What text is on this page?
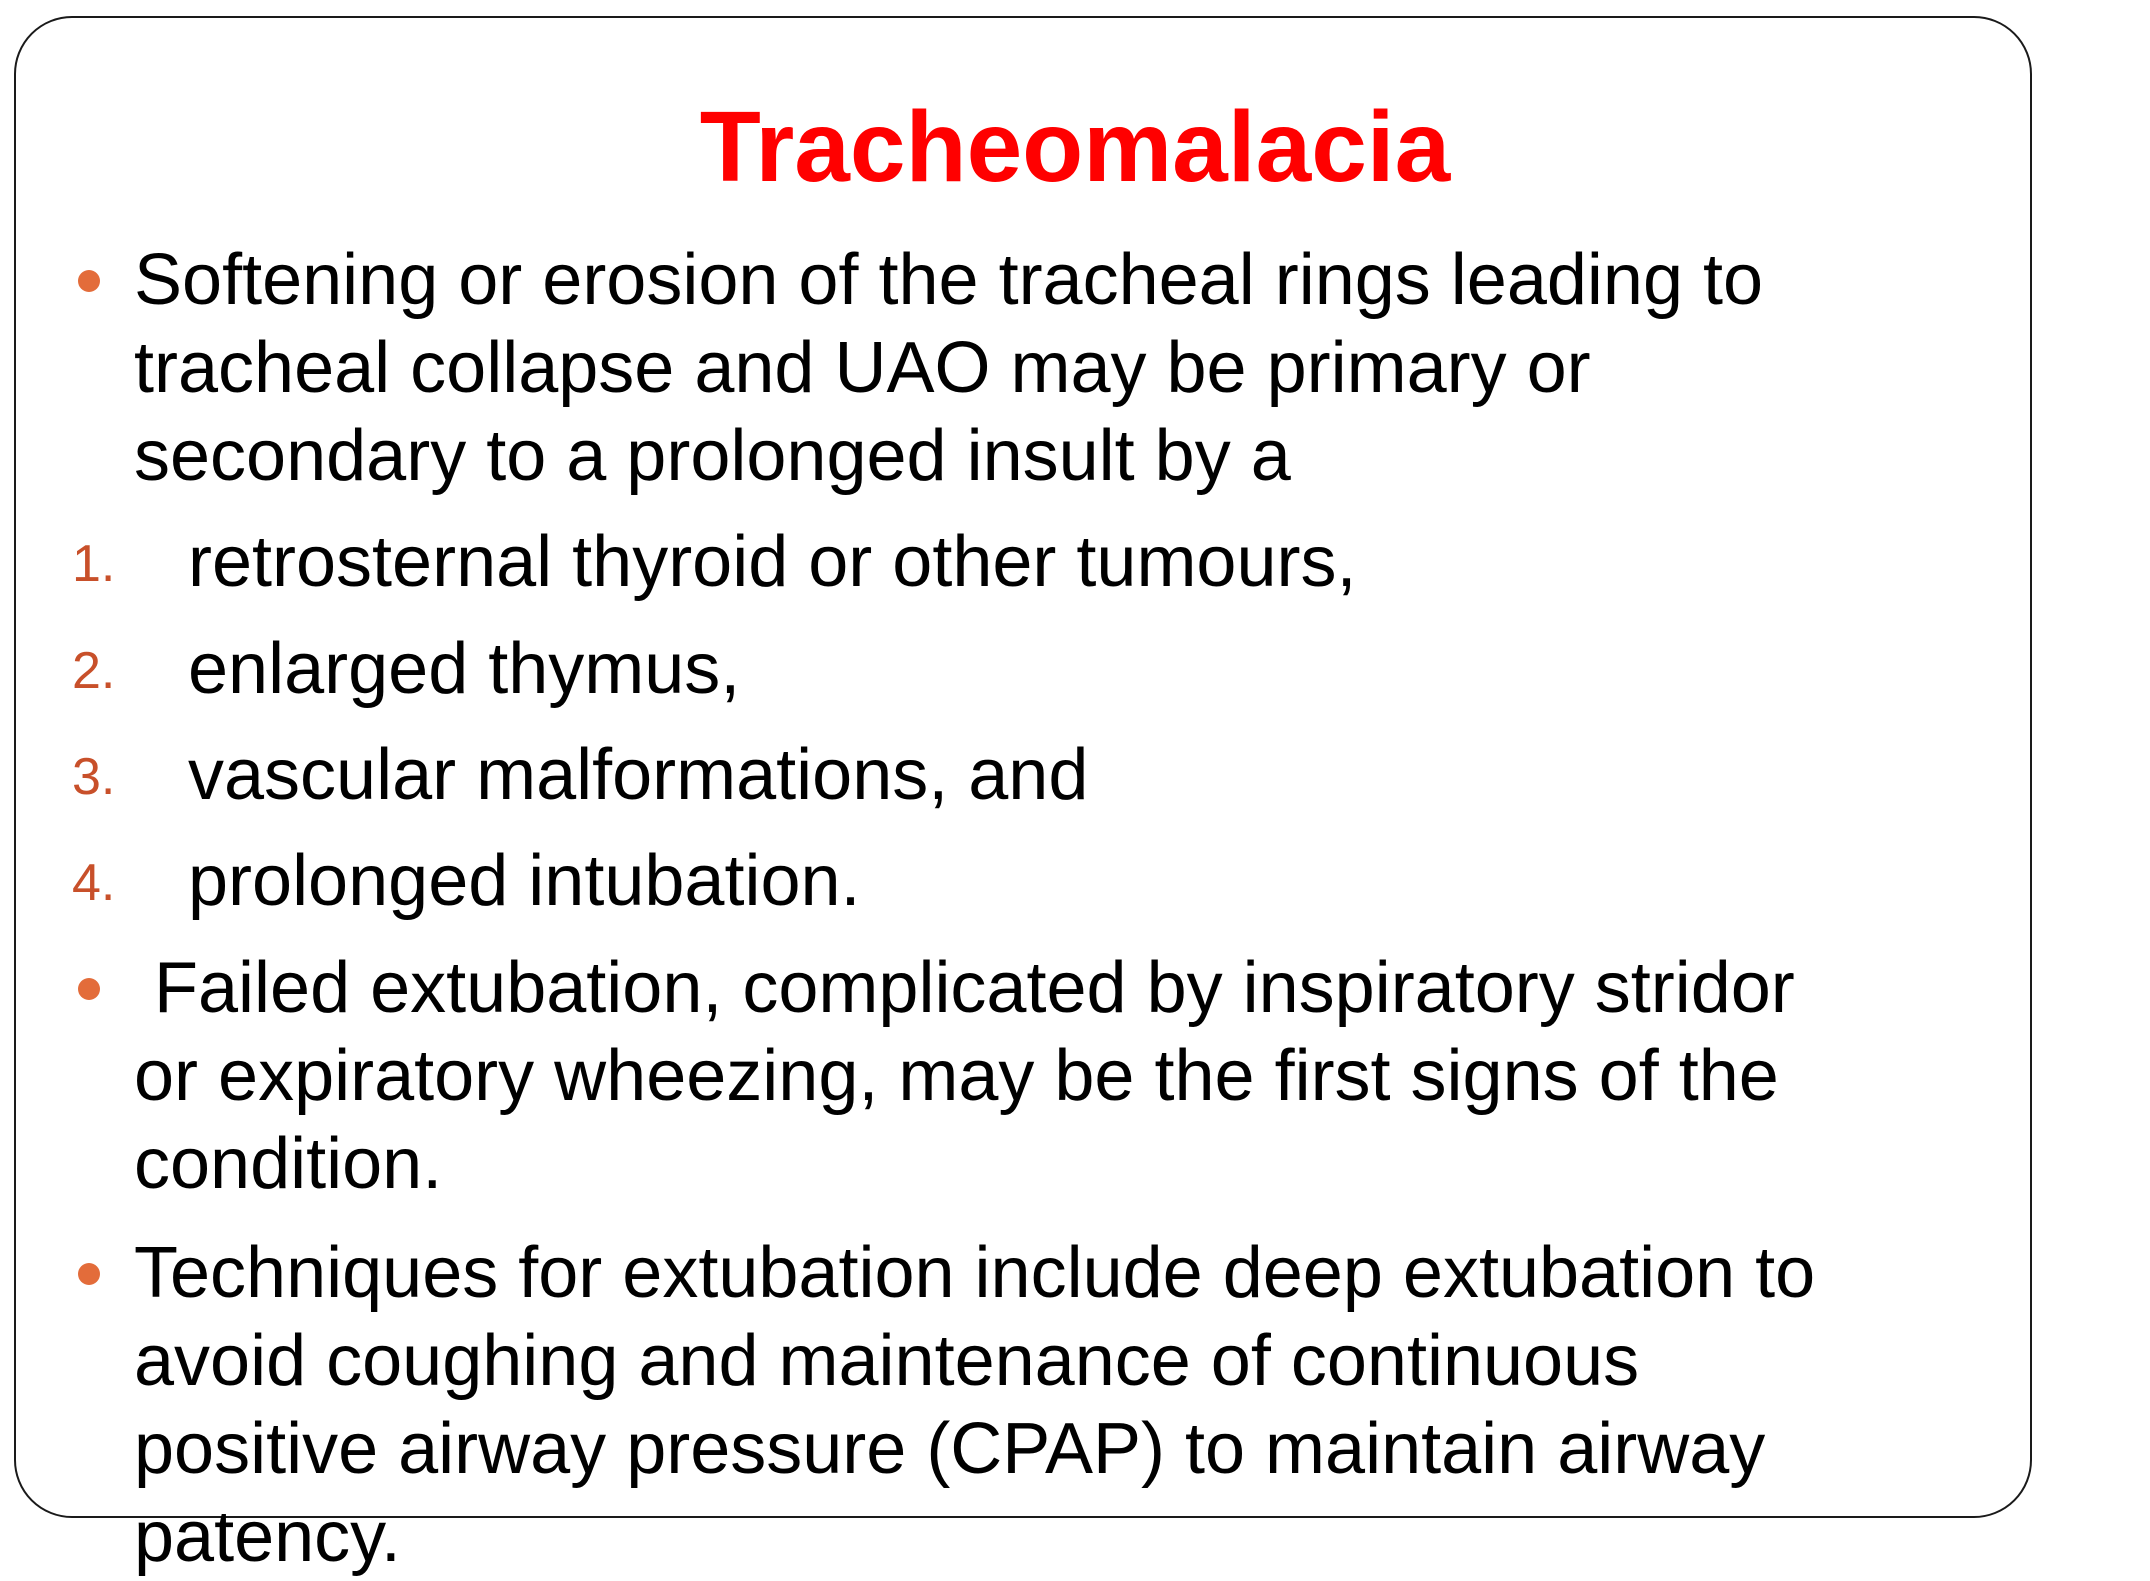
Tracheomalacia
Softening or erosion of the tracheal rings leading to
tracheal collapse and UAO may be primary or
secondary to a prolonged insult by a
1. retrosternal thyroid or other tumours,
2. enlarged thymus,
3. vascular malformations, and
4. prolonged intubation.
Failed extubation, complicated by inspiratory stridor
or expiratory wheezing, may be the first signs of the
condition.
Techniques for extubation include deep extubation to
avoid coughing and maintenance of continuous
positive airway pressure (CPAP) to maintain airway
patency.
